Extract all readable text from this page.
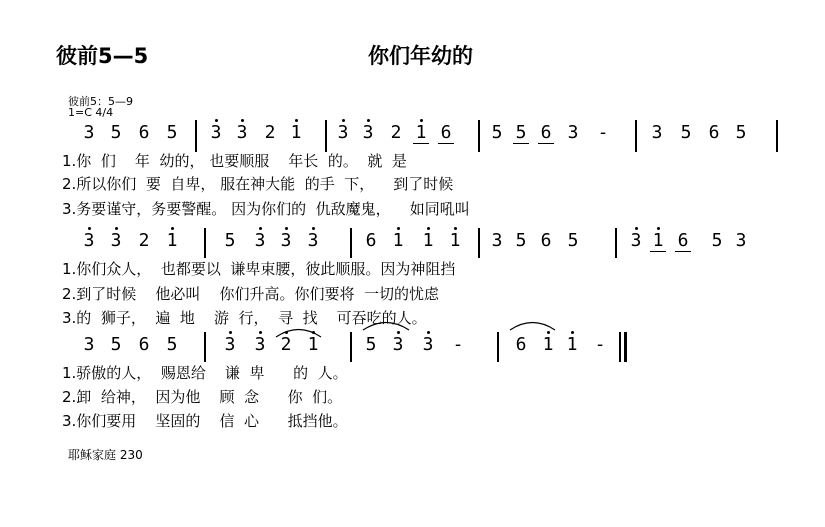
彼前5—5	你们年幼的
彼前5：5—9
1=C 4/4
3 5 6 5	3 3 2 1	3 3 2 1 6	5 5 6 3	-	3	5 6 5
1.你  们    年  幼的， 也要顺服    年长  的。  就  是
2.所以你们  要  自卑， 服在神大能  的手  下，    到了时候
3.务要谨守，务要警醒。 因为你们的  仇敌魔鬼，    如同吼叫
3 3 2 1	5	3 3 3	6 1	1 1	3 5 6 5	3 1 6	5 3
1.你们众人，  也都要以  谦卑束腰，彼此顺服。因为神阻挡
2.到了时候    他必叫    你们升高。你们要将  一切的忧虑
3.的  狮子，  遍  地    游  行，  寻  找    可吞吃的人。
3 5 6 5	3	3 2 1	5 3	3	-	6 1 1 -
1.骄傲的人，  赐恩给    谦  卑      的  人。
2.卸  给神，  因为他    顾  念      你  们。
3.你们要用    坚固的    信  心      抵挡他。
耶稣家庭 230
